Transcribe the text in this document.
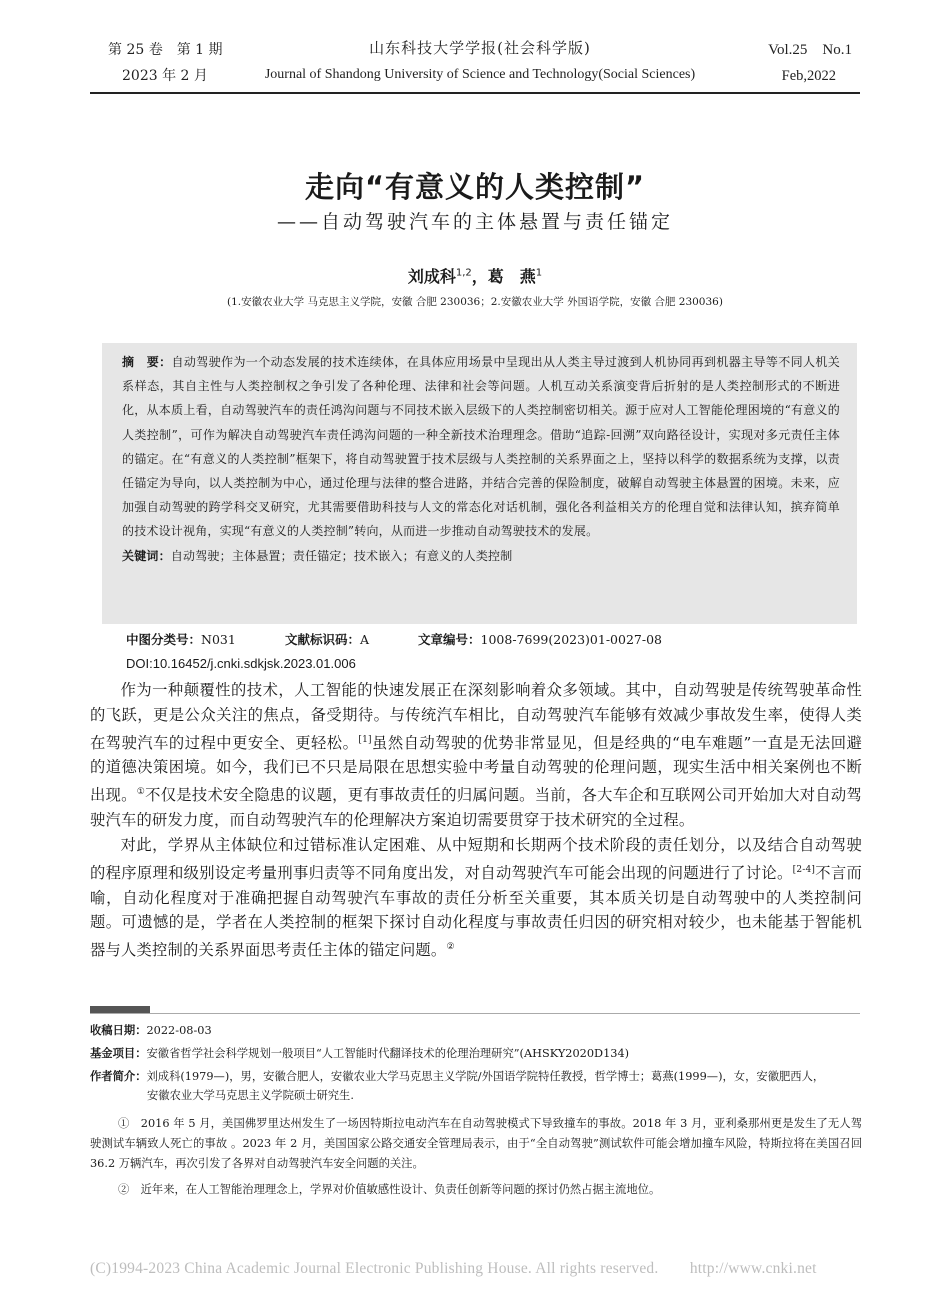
第 25 卷　第 1 期
2023 年 2 月
山东科技大学学报(社会科学版)
Journal of Shandong University of Science and Technology(Social Sciences)
Vol.25　No.1
Feb,2022
走向“有意义的人类控制”
——自动驾驶汽车的主体悬置与责任锚定
刘成科$^{1,2}$，葛　燕$^1$
(1.安徽农业大学 马克思主义学院，安徽 合肥 230036；2.安徽农业大学 外国语学院，安徽 合肥 230036)
摘　要：自动驾驶作为一个动态发展的技术连续体，在具体应用场景中呈现出从人类主导过渡到人机协同再到机器主导等不同人机关系样态，其自主性与人类控制权之争引发了各种伦理、法律和社会等问题。人机互动关系演变背后折射的是人类控制形式的不断进化，从本质上看，自动驾驶汽车的责任鸿沟问题与不同技术嵌入层级下的人类控制密切相关。源于应对人工智能伦理困境的“有意义的人类控制”，可作为解决自动驾驶汽车责任鸿沟问题的一种全新技术治理理念。借助“追踪-回溯”双向路径设计，实现对多元责任主体的锚定。在“有意义的人类控制”框架下，将自动驾驶置于技术层级与人类控制的关系界面之上，坚持以科学的数据系统为支撑，以责任锚定为导向，以人类控制为中心，通过伦理与法律的整合进路，并结合完善的保险制度，破解自动驾驶主体悬置的困境。未来，应加强自动驾驶的跨学科交叉研究，尤其需要借助科技与人文的常态化对话机制，强化各利益相关方的伦理自觉和法律认知，摈弃简单的技术设计视角，实现“有意义的人类控制”转向，从而进一步推动自动驾驶技术的发展。
关键词：自动驾驶；主体悬置；责任锚定；技术嵌入；有意义的人类控制
中图分类号：N031	文献标识码：A	文章编号：1008-7699(2023)01-0027-08
DOI:10.16452/j.cnki.sdkjsk.2023.01.006

作为一种颠覆性的技术，人工智能的快速发展正在深刻影响着众多领域。其中，自动驾驶是传统驾驶革命性的飞跃，更是公众关注的焦点，备受期待。与传统汽车相比，自动驾驶汽车能够有效减少事故发生率，使得人类在驾驶汽车的过程中更安全、更轻松。[1]虽然自动驾驶的优势非常显见，但是经典的“电车难题”一直是无法回避的道德决策困境。如今，我们已不只是局限在思想实验中考量自动驾驶的伦理问题，现实生活中相关案例也不断出现。①不仅是技术安全隐患的议题，更有事故责任的归属问题。当前，各大车企和互联网公司开始加大对自动驾驶汽车的研发力度，而自动驾驶汽车的伦理解决方案迫切需要贯穿于技术研究的全过程。

对此，学界从主体缺位和过错标准认定困难、从中短期和长期两个技术阶段的责任划分，以及结合自动驾驶的程序原理和级别设定考量刑事归责等不同角度出发，对自动驾驶汽车可能会出现的问题进行了讨论。[2-4]不言而喻，自动化程度对于准确把握自动驾驶汽车事故的责任分析至关重要，其本质关切是自动驾驶中的人类控制问题。可遗憾的是，学者在人类控制的框架下探讨自动化程度与事故责任归因的研究相对较少，也未能基于智能机器与人类控制的关系界面思考责任主体的锚定问题。②

收稿日期：2022-08-03
基金项目：安徽省哲学社会科学规划一般项目“人工智能时代翻译技术的伦理治理研究”(AHSKY2020D134)
作者简介：刘成科(1979—)，男，安徽合肥人，安徽农业大学马克思主义学院/外国语学院特任教授，哲学博士；葛燕(1999—)，女，安徽肥西人，
安徽农业大学马克思主义学院硕士研究生.

①　2016 年 5 月，美国佛罗里达州发生了一场因特斯拉电动汽车在自动驾驶模式下导致撞车的事故。2018 年 3 月，亚利桑那州更是发生了无人驾驶测试车辆致人死亡的事故 。2023 年 2 月，美国国家公路交通安全管理局表示，由于“全自动驾驶”测试软件可能会增加撞车风险，特斯拉将在美国召回 36.2 万辆汽车，再次引发了各界对自动驾驶汽车安全问题的关注。

②　近年来，在人工智能治理理念上，学界对价值敏感性设计、负责任创新等问题的探讨仍然占据主流地位。

(C)1994-2023 China Academic Journal Electronic Publishing House. All rights reserved.　　http://www.cnki.net
